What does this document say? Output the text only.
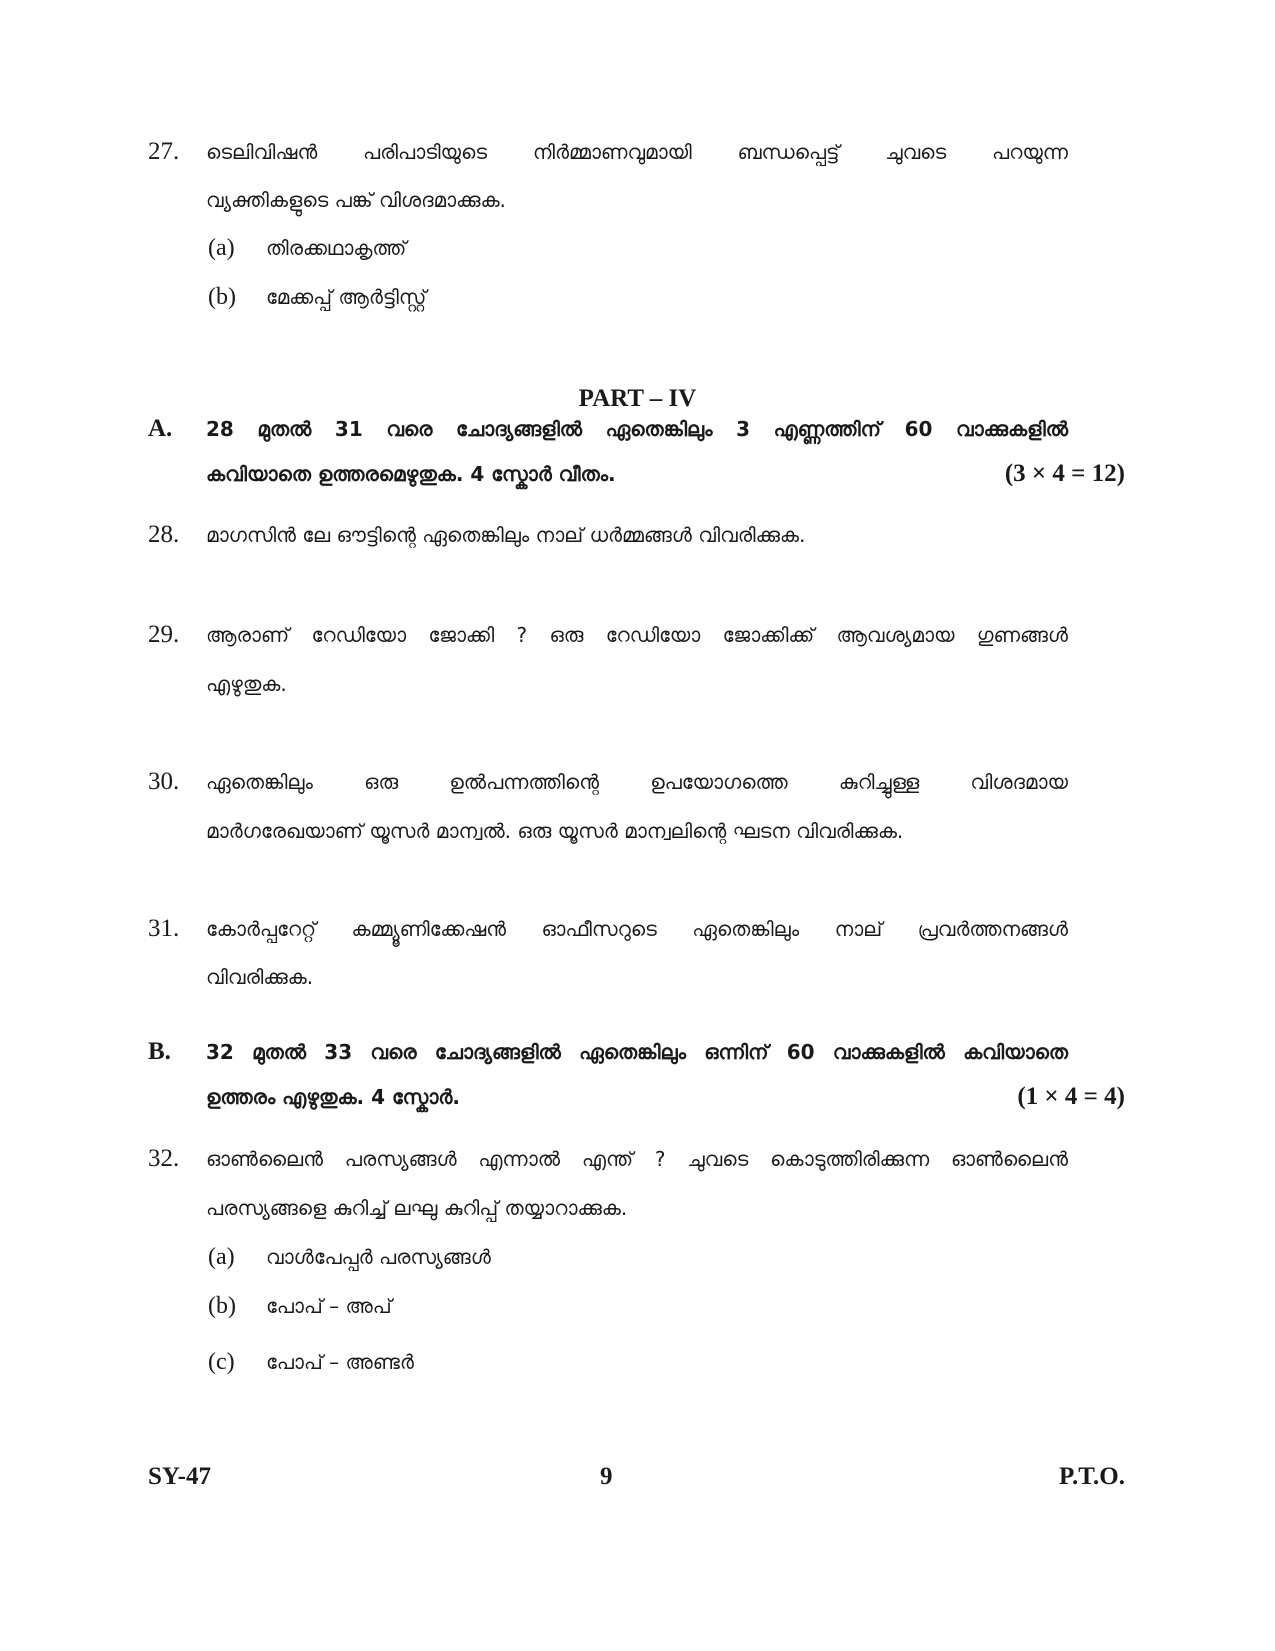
27. ടെലിവിഷൻ പരിപാടിയുടെ നിർമ്മാണവുമായി ബന്ധപ്പെട്ട് ചുവടെ പറയുന്ന
വ്യക്തികളുടെ പങ്ക് വിശദമാക്കുക.
(a) തിരക്കഥാകൃത്ത്
(b) മേക്കപ്പ് ആർട്ടിസ്റ്റ്
PART – IV
A. 28 മുതൽ 31 വരെ ചോദ്യങ്ങളിൽ ഏതെങ്കിലും 3 എണ്ണത്തിന് 60 വാക്കുകളിൽ
കവിയാതെ ഉത്തരമെഴുതുക. 4 സ്കോർ വീതം.	(3 × 4 = 12)
28. മാഗസിൻ ലേ ഔട്ടിന്റെ ഏതെങ്കിലും നാല് ധർമ്മങ്ങൾ വിവരിക്കുക.
29. ആരാണ് റേഡിയോ ജോക്കി ? ഒരു റേഡിയോ ജോക്കിക്ക് ആവശ്യമായ ഗുണങ്ങൾ
എഴുതുക.
30. ഏതെങ്കിലും ഒരു ഉൽപന്നത്തിന്റെ ഉപയോഗത്തെ കുറിച്ചുള്ള വിശദമായ
മാർഗരേഖയാണ് യൂസർ മാന്വൽ. ഒരു യൂസർ മാന്വലിന്റെ ഘടന വിവരിക്കുക.
31. കോർപ്പറേറ്റ് കമ്മ്യൂണിക്കേഷൻ ഓഫീസറുടെ ഏതെങ്കിലും നാല് പ്രവർത്തനങ്ങൾ
വിവരിക്കുക.
B. 32 മുതൽ 33 വരെ ചോദ്യങ്ങളിൽ ഏതെങ്കിലും ഒന്നിന് 60 വാക്കുകളിൽ കവിയാതെ
ഉത്തരം എഴുതുക. 4 സ്കോർ.	(1 × 4 = 4)
32. ഓൺലൈൻ പരസ്യങ്ങൾ എന്നാൽ എന്ത് ? ചുവടെ കൊടുത്തിരിക്കുന്ന ഓൺലൈൻ
പരസ്യങ്ങളെ കുറിച്ച് ലഘു കുറിപ്പ് തയ്യാറാക്കുക.
(a) വാൾപേപ്പർ പരസ്യങ്ങൾ
(b) പോപ് – അപ്
(c) പോപ് – അണ്ടർ
SY-47	9	P.T.O.
